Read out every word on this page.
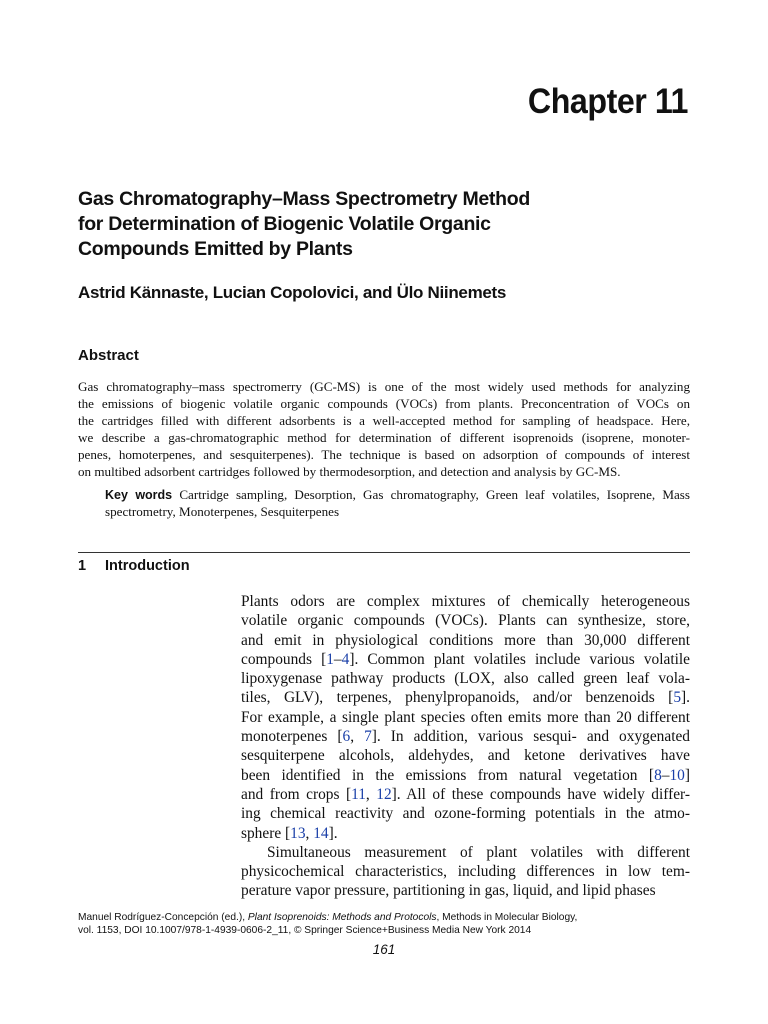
Chapter 11
Gas Chromatography–Mass Spectrometry Method
for Determination of Biogenic Volatile Organic
Compounds Emitted by Plants
Astrid Kännaste, Lucian Copolovici, and Ülo Niinemets
Abstract
Gas chromatography–mass spectromerry (GC-MS) is one of the most widely used methods for analyzing
the emissions of biogenic volatile organic compounds (VOCs) from plants. Preconcentration of VOCs on
the cartridges filled with different adsorbents is a well-accepted method for sampling of headspace. Here,
we describe a gas-chromatographic method for determination of different isoprenoids (isoprene, monoter-
penes, homoterpenes, and sesquiterpenes). The technique is based on adsorption of compounds of interest
on multibed adsorbent cartridges followed by thermodesorption, and detection and analysis by GC-MS.
Key words Cartridge sampling, Desorption, Gas chromatography, Green leaf volatiles, Isoprene, Mass spectrometry, Monoterpenes, Sesquiterpenes
1 Introduction
Plants odors are complex mixtures of chemically heterogeneous
volatile organic compounds (VOCs). Plants can synthesize, store,
and emit in physiological conditions more than 30,000 different
compounds [1–4]. Common plant volatiles include various volatile
lipoxygenase pathway products (LOX, also called green leaf vola-
tiles, GLV), terpenes, phenylpropanoids, and/or benzenoids [5].
For example, a single plant species often emits more than 20 different
monoterpenes [6, 7]. In addition, various sesqui- and oxygenated
sesquiterpene alcohols, aldehydes, and ketone derivatives have
been identified in the emissions from natural vegetation [8–10]
and from crops [11, 12]. All of these compounds have widely differ-
ing chemical reactivity and ozone-forming potentials in the atmo-
sphere [13, 14].
Simultaneous measurement of plant volatiles with different
physicochemical characteristics, including differences in low tem-
perature vapor pressure, partitioning in gas, liquid, and lipid phases
Manuel Rodríguez-Concepción (ed.), Plant Isoprenoids: Methods and Protocols, Methods in Molecular Biology,
vol. 1153, DOI 10.1007/978-1-4939-0606-2_11, © Springer Science+Business Media New York 2014
161
